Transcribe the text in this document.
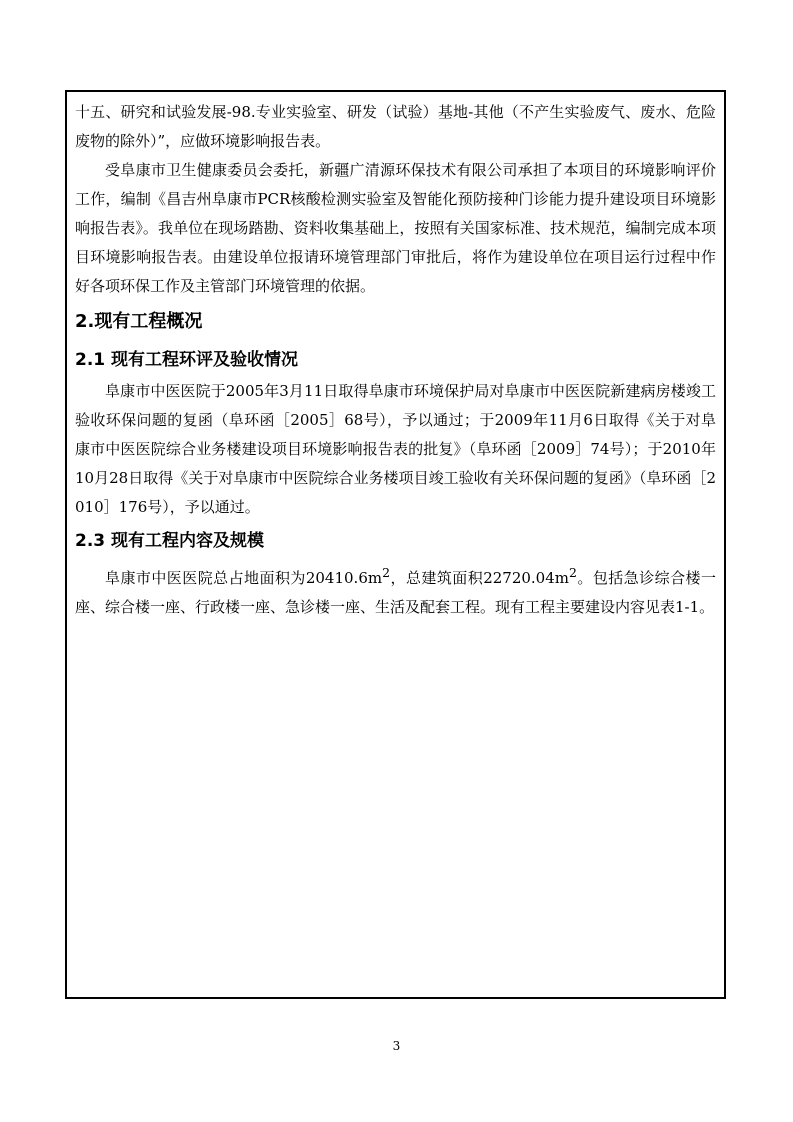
十五、研究和试验发展-98.专业实验室、研发（试验）基地-其他（不产生实验废气、废水、危险废物的除外）”，应做环境影响报告表。

受阜康市卫生健康委员会委托，新疆广清源环保技术有限公司承担了本项目的环境影响评价工作，编制《昌吉州阜康市PCR核酸检测实验室及智能化预防接种门诊能力提升建设项目环境影响报告表》。我单位在现场踏勘、资料收集基础上，按照有关国家标准、技术规范，编制完成本项目环境影响报告表。由建设单位报请环境管理部门审批后，将作为建设单位在项目运行过程中作好各项环保工作及主管部门环境管理的依据。

2.现有工程概况
2.1 现有工程环评及验收情况

阜康市中医医院于2005年3月11日取得阜康市环境保护局对阜康市中医医院新建病房楼竣工验收环保问题的复函（阜环函［2005］68号），予以通过；于2009年11月6日取得《关于对阜康市中医医院综合业务楼建设项目环境影响报告表的批复》（阜环函［2009］74号）；于2010年10月28日取得《关于对阜康市中医院综合业务楼项目竣工验收有关环保问题的复函》（阜环函［2010］176号），予以通过。

2.3 现有工程内容及规模

阜康市中医医院总占地面积为$20410.6m^2$，总建筑面积$22720.04m^2$。包括急诊综合楼一座、综合楼一座、行政楼一座、急诊楼一座、生活及配套工程。现有工程主要建设内容见表1-1。

3
